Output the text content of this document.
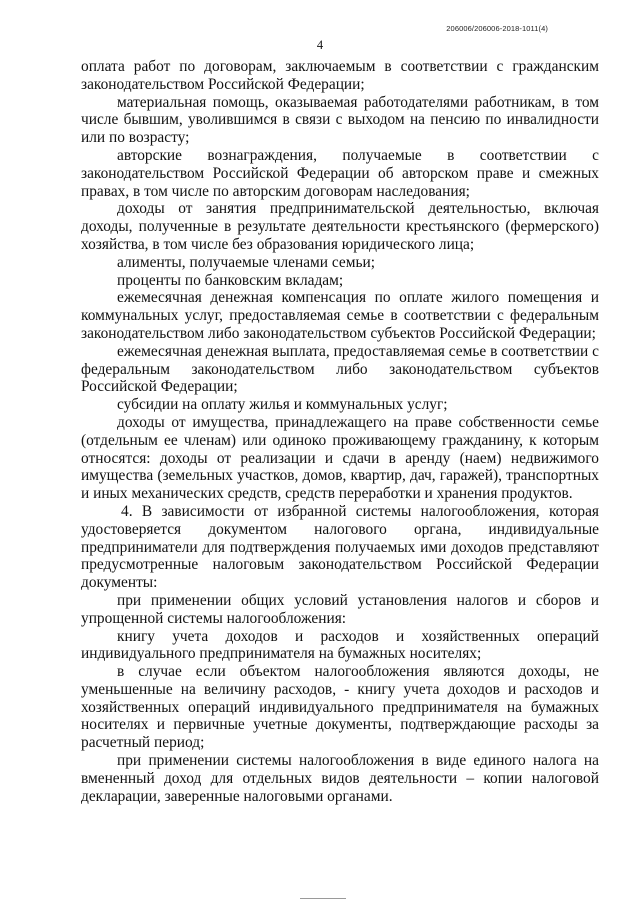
206006/206006-2018-1011(4)
4

оплата работ по договорам, заключаемым в соответствии с гражданским законодательством Российской Федерации;

материальная помощь, оказываемая работодателями работникам, в том числе бывшим, уволившимся в связи с выходом на пенсию по инвалидности или по возрасту;

авторские вознаграждения, получаемые в соответствии с законодательством Российской Федерации об авторском праве и смежных правах, в том числе по авторским договорам наследования;

доходы от занятия предпринимательской деятельностью, включая доходы, полученные в результате деятельности крестьянского (фермерского) хозяйства, в том числе без образования юридического лица;

алименты, получаемые членами семьи;

проценты по банковским вкладам;

ежемесячная денежная компенсация по оплате жилого помещения и коммунальных услуг, предоставляемая семье в соответствии с федеральным законодательством либо законодательством субъектов Российской Федерации;

ежемесячная денежная выплата, предоставляемая семье в соответствии с федеральным законодательством либо законодательством субъектов Российской Федерации;

субсидии на оплату жилья и коммунальных услуг;

доходы от имущества, принадлежащего на праве собственности семье (отдельным ее членам) или одиноко проживающему гражданину, к которым относятся: доходы от реализации и сдачи в аренду (наем) недвижимого имущества (земельных участков, домов, квартир, дач, гаражей), транспортных и иных механических средств, средств переработки и хранения продуктов.

4. В зависимости от избранной системы налогообложения, которая удостоверяется документом налогового органа, индивидуальные предприниматели для подтверждения получаемых ими доходов представляют предусмотренные налоговым законодательством Российской Федерации документы:

при применении общих условий установления налогов и сборов и упрощенной системы налогообложения:

книгу учета доходов и расходов и хозяйственных операций индивидуального предпринимателя на бумажных носителях;

в случае если объектом налогообложения являются доходы, не уменьшенные на величину расходов, - книгу учета доходов и расходов и хозяйственных операций индивидуального предпринимателя на бумажных носителях и первичные учетные документы, подтверждающие расходы за расчетный период;

при применении системы налогообложения в виде единого налога на вмененный доход для отдельных видов деятельности – копии налоговой декларации, заверенные налоговыми органами.
